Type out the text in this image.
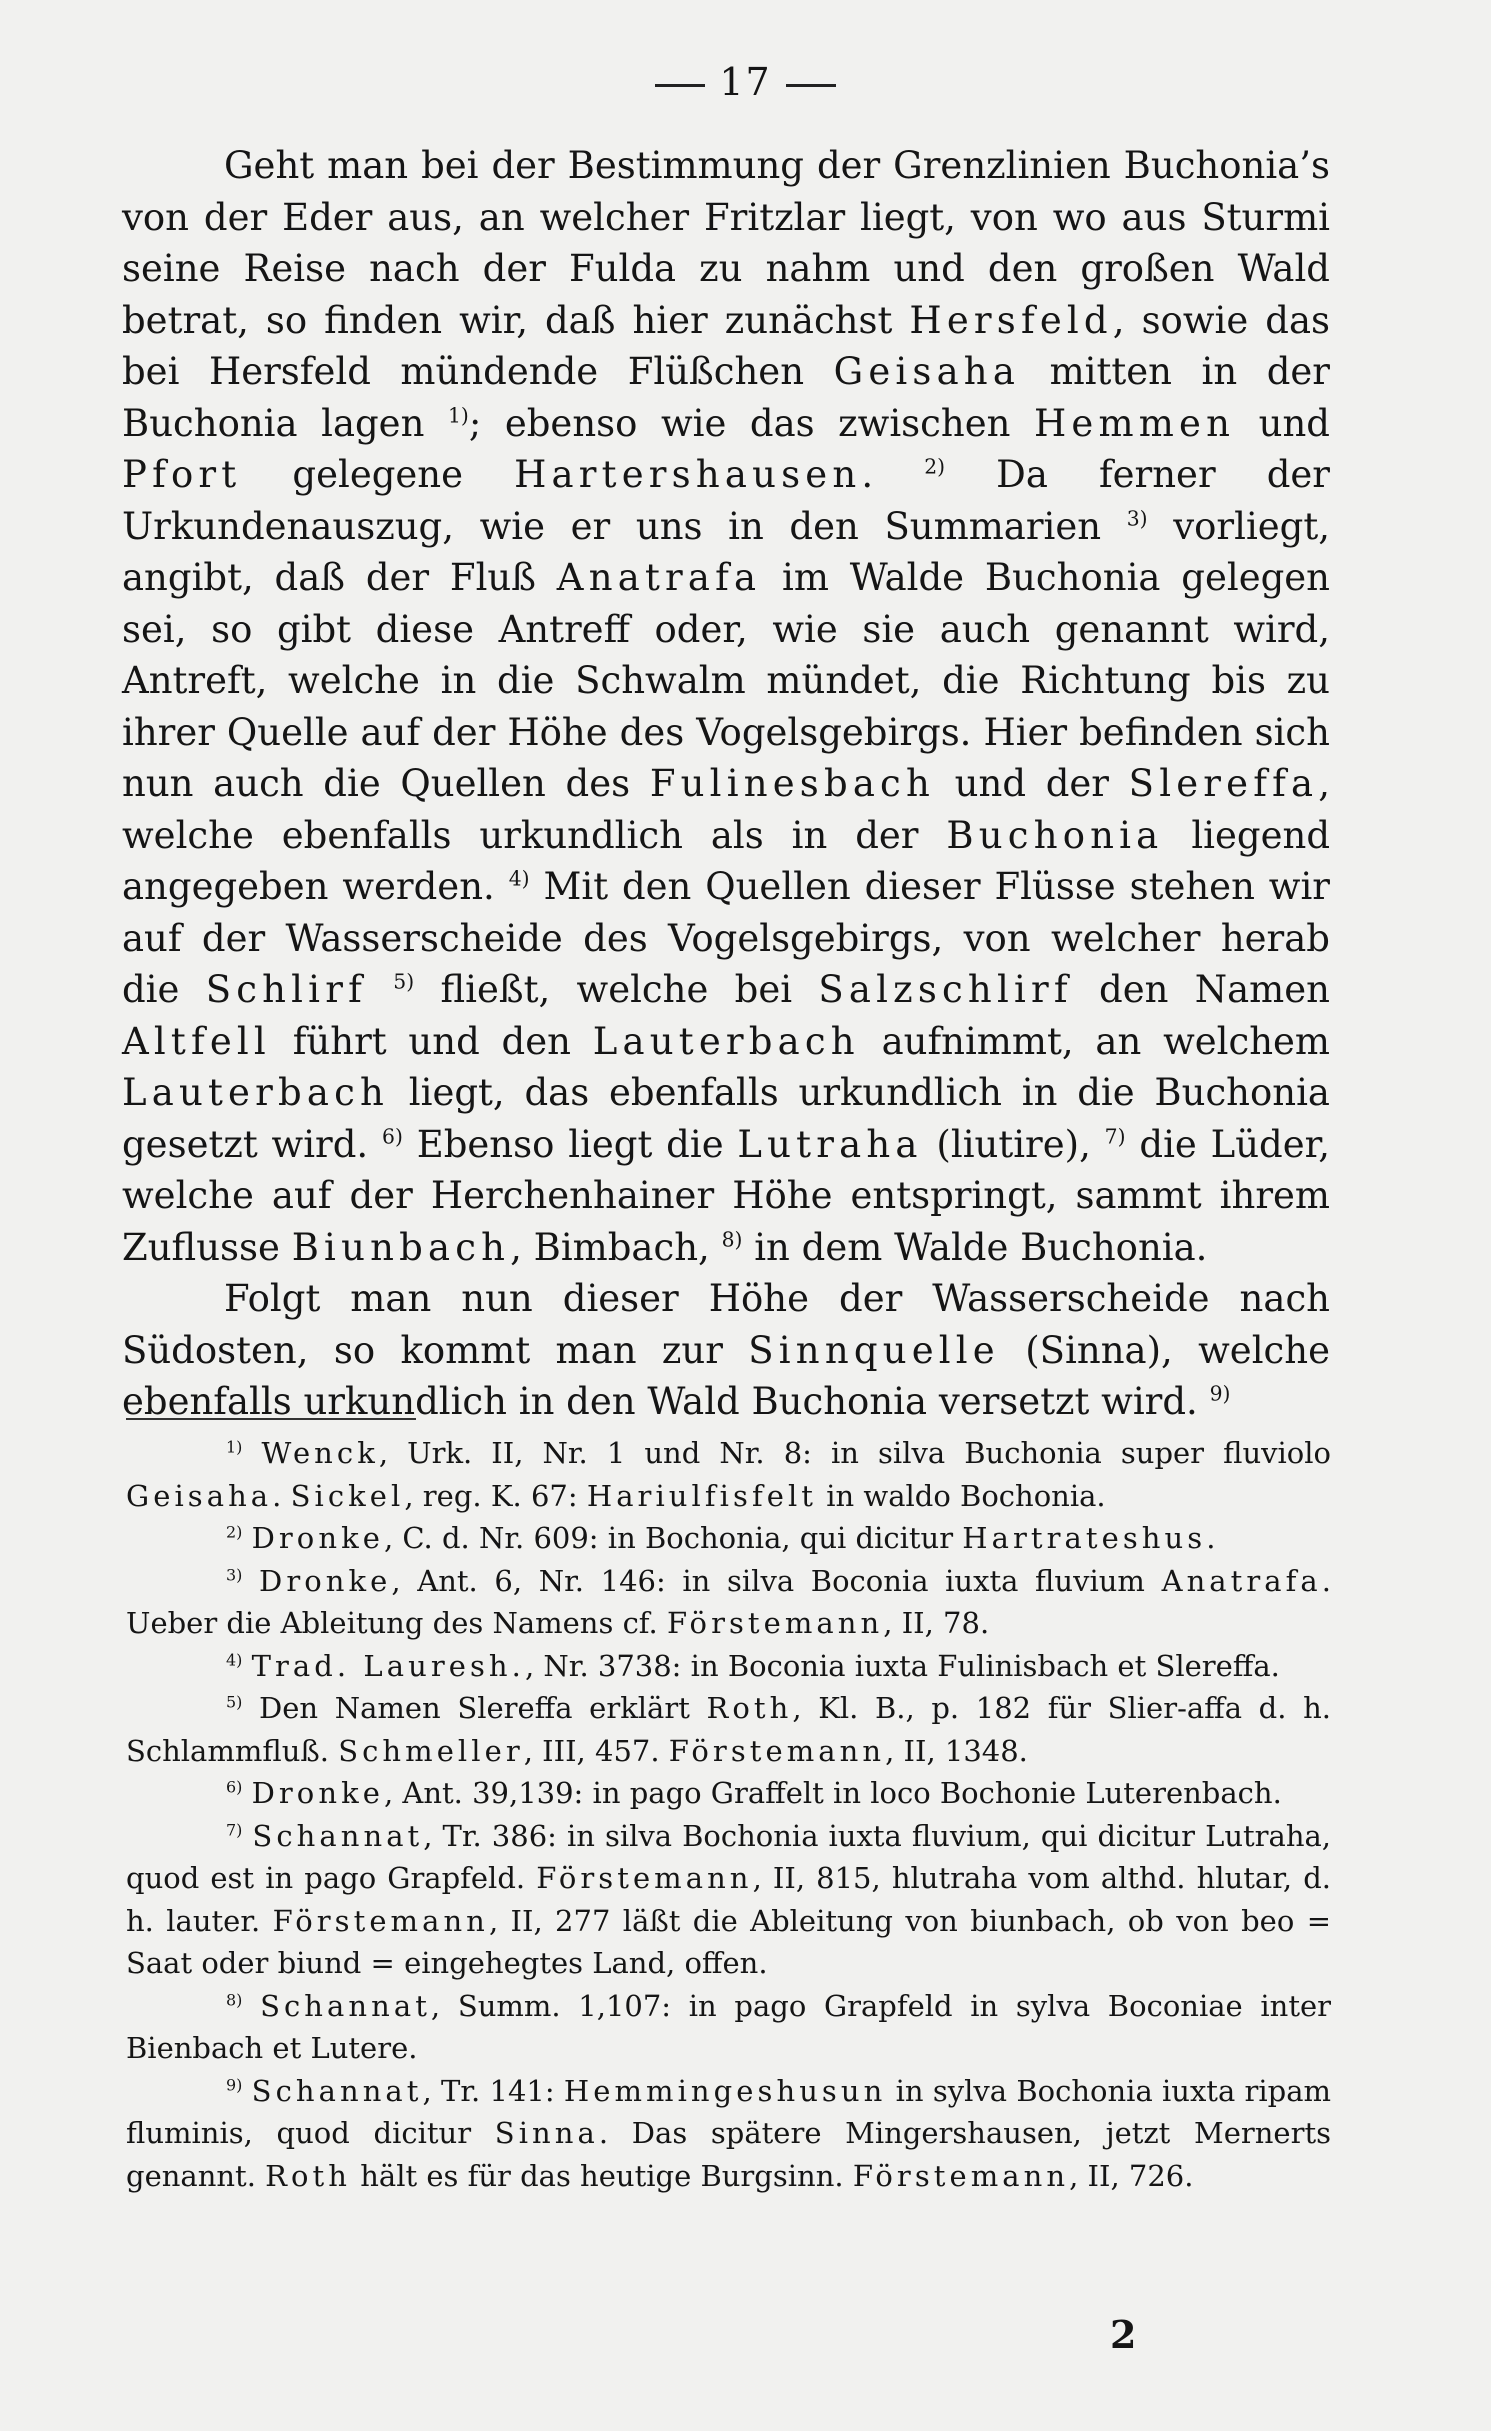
17

Geht man bei der Bestimmung der Grenzlinien Buchonia’s von der Eder aus, an welcher Fritzlar liegt, von wo aus Sturmi seine Reise nach der Fulda zu nahm und den großen Wald betrat, so finden wir, daß hier zunächst Hersfeld, sowie das bei Hersfeld mündende Flüßchen Geisaha mitten in der Buchonia lagen $^{1)}$; ebenso wie das zwischen Hemmen und Pfort gelegene Hartershausen. $^{2)}$ Da ferner der Urkundenauszug, wie er uns in den Summarien $^{3)}$ vorliegt, angibt, daß der Fluß Anatrafa im Walde Buchonia gelegen sei, so gibt diese Antreff oder, wie sie auch genannt wird, Antreft, welche in die Schwalm mündet, die Richtung bis zu ihrer Quelle auf der Höhe des Vogelsgebirgs. Hier befinden sich nun auch die Quellen des Fulinesbach und der Slereffa, welche ebenfalls urkundlich als in der Buchonia liegend angegeben werden. $^{4)}$ Mit den Quellen dieser Flüsse stehen wir auf der Wasserscheide des Vogelsgebirgs, von welcher herab die Schlirf $^{5)}$ fließt, welche bei Salzschlirf den Namen Altfell führt und den Lauterbach aufnimmt, an welchem Lauterbach liegt, das ebenfalls urkundlich in die Buchonia gesetzt wird. $^{6)}$ Ebenso liegt die Lutraha (liutire), $^{7)}$ die Lüder, welche auf der Herchenhainer Höhe entspringt, sammt ihrem Zuflusse Biunbach, Bimbach, $^{8)}$ in dem Walde Buchonia.

Folgt man nun dieser Höhe der Wasserscheide nach Südosten, so kommt man zur Sinnquelle (Sinna), welche ebenfalls urkundlich in den Wald Buchonia versetzt wird. $^{9)}$

$^{1)}$ Wenck, Urk. II, Nr. 1 und Nr. 8: in silva Buchonia super fluviolo Geisaha. Sickel, reg. K. 67: Hariulfisfelt in waldo Bochonia.

$^{2)}$ Dronke, C. d. Nr. 609: in Bochonia, qui dicitur Hartrateshus.

$^{3)}$ Dronke, Ant. 6, Nr. 146: in silva Boconia iuxta fluvium Anatrafa. Ueber die Ableitung des Namens cf. Förstemann, II, 78.

$^{4)}$ Trad. Lauresh., Nr. 3738: in Boconia iuxta Fulinisbach et Slereffa.

$^{5)}$ Den Namen Slereffa erklärt Roth, Kl. B., p. 182 für Slier-affa d. h. Schlammfluß. Schmeller, III, 457. Förstemann, II, 1348.

$^{6)}$ Dronke, Ant. 39,139: in pago Graffelt in loco Bochonie Luterenbach.

$^{7)}$ Schannat, Tr. 386: in silva Bochonia iuxta fluvium, qui dicitur Lutraha, quod est in pago Grapfeld. Förstemann, II, 815, hlutraha vom althd. hlutar, d. h. lauter. Förstemann, II, 277 läßt die Ableitung von biunbach, ob von beo = Saat oder biund = eingehegtes Land, offen.

$^{8)}$ Schannat, Summ. 1,107: in pago Grapfeld in sylva Boconiae inter Bienbach et Lutere.

$^{9)}$ Schannat, Tr. 141: Hemmingeshusun in sylva Bochonia iuxta ripam fluminis, quod dicitur Sinna. Das spätere Mingershausen, jetzt Mernerts genannt. Roth hält es für das heutige Burgsinn. Förstemann, II, 726.

2
